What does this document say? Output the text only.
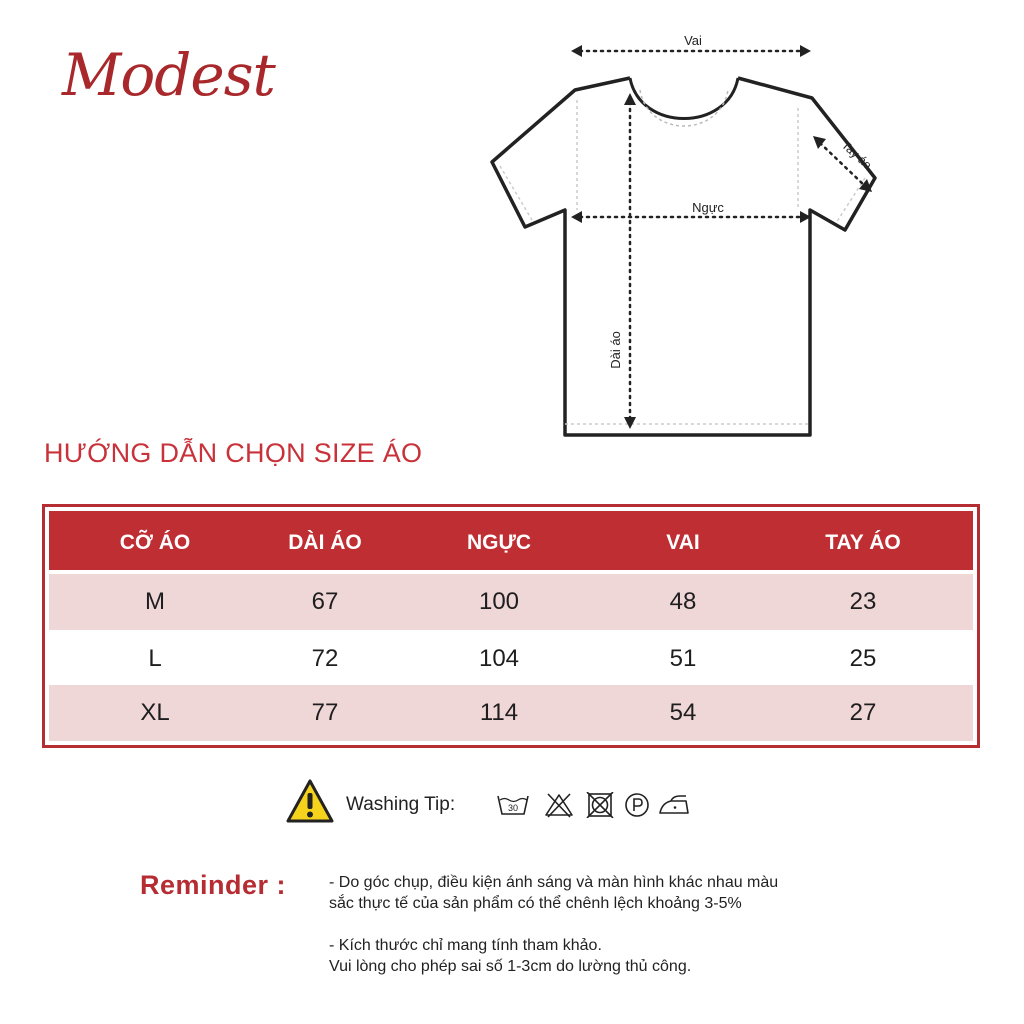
Modest
Vai
Ngực
Dài áo
Tay áo
HƯỚNG DẪN CHỌN SIZE ÁO
CỠ ÁO	DÀI ÁO	NGỰC	VAI	TAY ÁO
M	67	100	48	23
L	72	104	51	25
XL	77	114	54	27
Washing Tip:	30
Reminder :	- Do góc chụp, điều kiện ánh sáng và màn hình khác nhau màu
sắc thực tế của sản phẩm có thể chênh lệch khoảng 3-5%

- Kích thước chỉ mang tính tham khảo.
Vui lòng cho phép sai số 1-3cm do lường thủ công.
